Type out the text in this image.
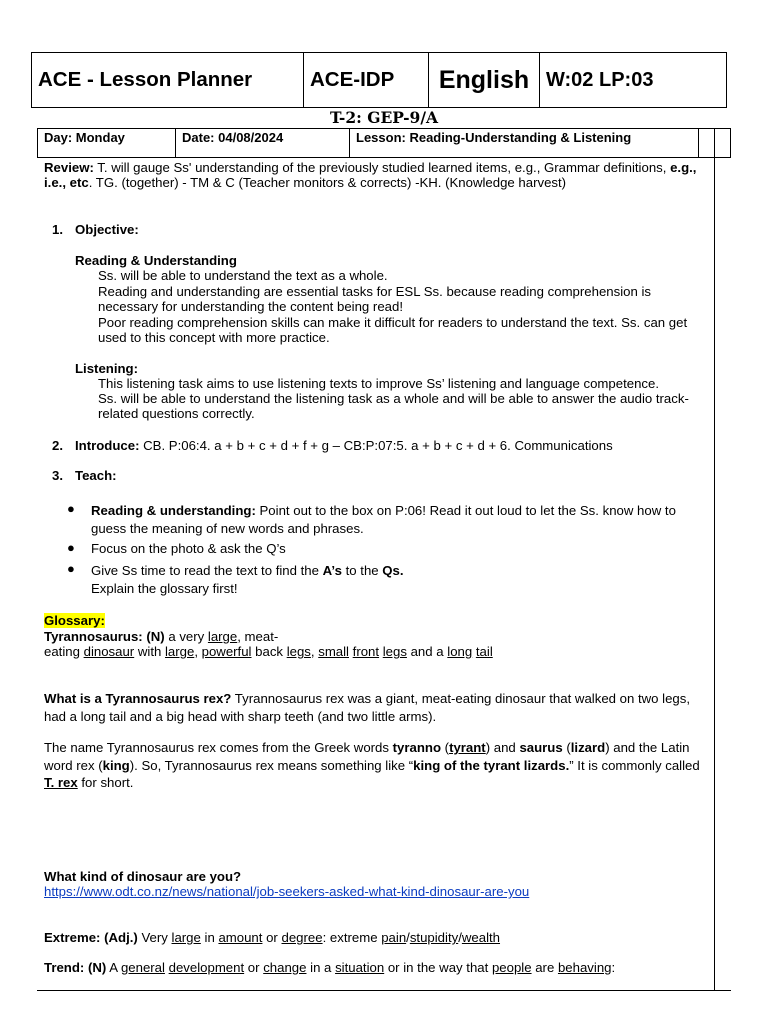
ACE - Lesson Planner	ACE-IDP	English W:02 LP:03
T-2: GEP-9/A
Day: Monday	Date: 04/08/2024	Lesson: Reading-Understanding & Listening
Review: T. will gauge Ss' understanding of the previously studied learned items, e.g., Grammar definitions, e.g., i.e., etc. TG. (together) - TM & C (Teacher monitors & corrects) -KH. (Knowledge harvest)
1. Objective:
Reading & Understanding
Ss. will be able to understand the text as a whole.
Reading and understanding are essential tasks for ESL Ss. because reading comprehension is necessary for understanding the content being read!
Poor reading comprehension skills can make it difficult for readers to understand the text. Ss. can get used to this concept with more practice.
Listening:
This listening task aims to use listening texts to improve Ss’ listening and language competence.
Ss. will be able to understand the listening task as a whole and will be able to answer the audio track-related questions correctly.
2. Introduce: CB. P:06:4. a + b + c + d + f + g – CB:P:07:5. a + b + c + d + 6. Communications
3. Teach:
● Reading & understanding: Point out to the box on P:06! Read it out loud to let the Ss. know how to guess the meaning of new words and phrases.
● Focus on the photo & ask the Q’s
● Give Ss time to read the text to find the A’s to the Qs.
Explain the glossary first!
Glossary:
Tyrannosaurus: (N) a very large, meat-
eating dinosaur with large, powerful back legs, small front legs and a long tail
What is a Tyrannosaurus rex? Tyrannosaurus rex was a giant, meat-eating dinosaur that walked on two legs, had a long tail and a big head with sharp teeth (and two little arms).
The name Tyrannosaurus rex comes from the Greek words tyranno (tyrant) and saurus (lizard) and the Latin word rex (king). So, Tyrannosaurus rex means something like “king of the tyrant lizards.” It is commonly called T. rex for short.
What kind of dinosaur are you?
https://www.odt.co.nz/news/national/job-seekers-asked-what-kind-dinosaur-are-you
Extreme: (Adj.) Very large in amount or degree: extreme pain/stupidity/wealth
Trend: (N) A general development or change in a situation or in the way that people are behaving:
